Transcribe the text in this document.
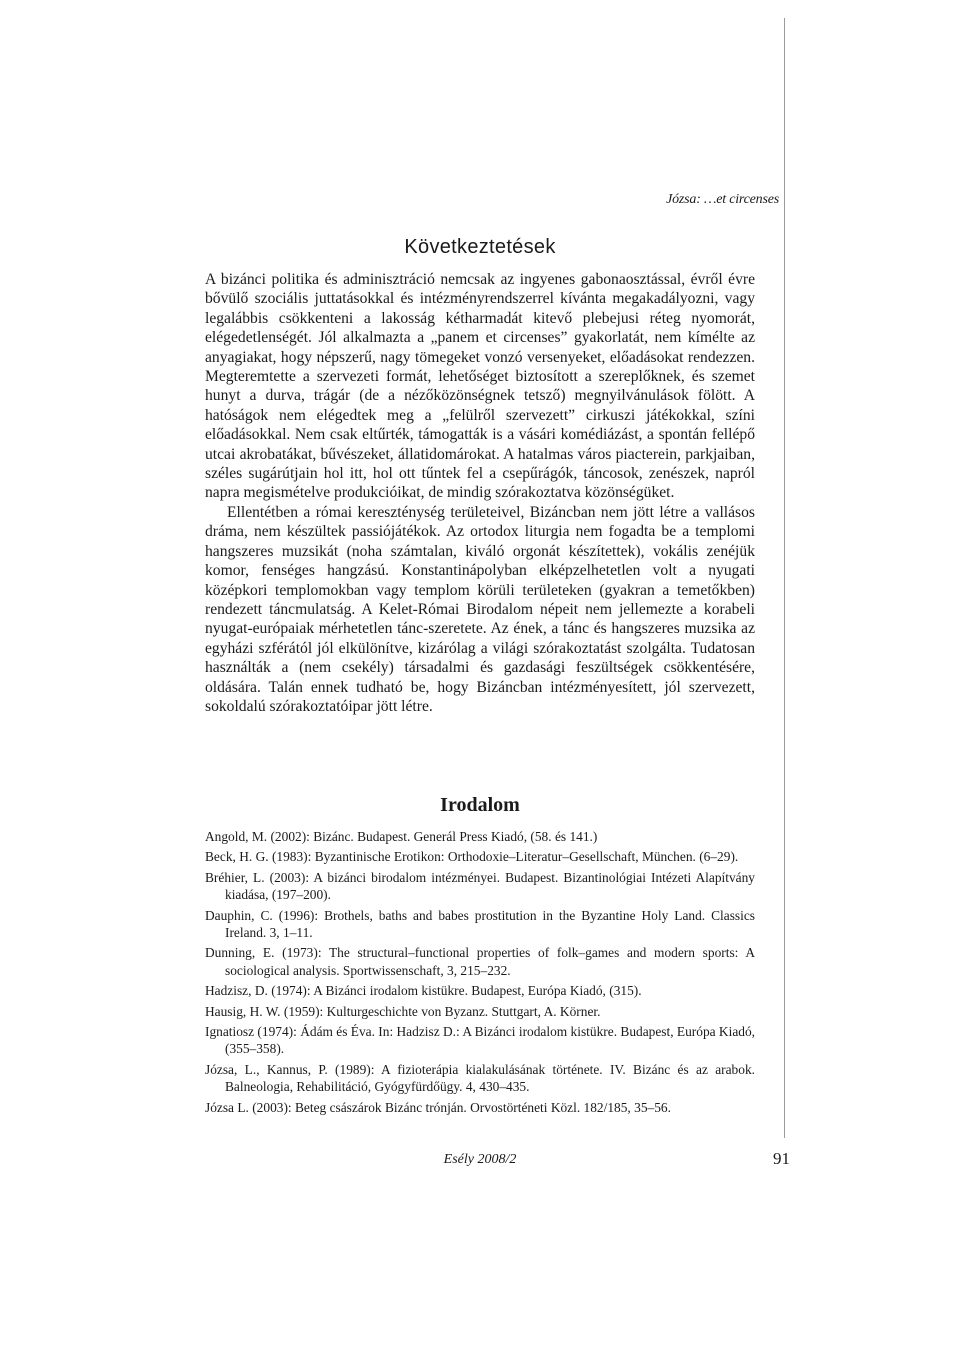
Józsa: …et circenses
Következtetések

A bizánci politika és adminisztráció nemcsak az ingyenes gabonaosztással, évről évre bővülő szociális juttatásokkal és intézményrendszerrel kívánta megakadályozni, vagy legalábbis csökkenteni a lakosság kétharmadát kitevő plebejusi réteg nyomorát, elégedetlenségét. Jól alkalmazta a „panem et circenses” gyakorlatát, nem kímélte az anyagiakat, hogy népszerű, nagy tömegeket vonzó versenyeket, előadásokat rendezzen. Megteremtette a szervezeti formát, lehetőséget biztosított a szereplőknek, és szemet hunyt a durva, trágár (de a nézőközönségnek tetsző) megnyilvánulások fölött. A hatóságok nem elégedtek meg a „felülről szervezett” cirkuszi játékokkal, színi előadásokkal. Nem csak eltűrték, támogatták is a vásári komédiázást, a spontán fellépő utcai akrobatákat, bűvészeket, állatidomárokat. A hatalmas város piacterein, parkjaiban, széles sugárútjain hol itt, hol ott tűntek fel a csepűrágók, táncosok, zenészek, napról napra megismételve produkcióikat, de mindig szórakoztatva közönségüket.

Ellentétben a római kereszténység területeivel, Bizáncban nem jött létre a vallásos dráma, nem készültek passiójátékok. Az ortodox liturgia nem fogadta be a templomi hangszeres muzsikát (noha számtalan, kiváló orgonát készítettek), vokális zenéjük komor, fenséges hangzású. Konstantinápolyban elképzelhetetlen volt a nyugati középkori templomokban vagy templom körüli területeken (gyakran a temetőkben) rendezett táncmulatság. A Kelet-Római Birodalom népeit nem jellemezte a korabeli nyugat-európaiak mérhetetlen tánc-szeretete. Az ének, a tánc és hangszeres muzsika az egyházi szférától jól elkülönítve, kizárólag a világi szórakoztatást szolgálta. Tudatosan használták a (nem csekély) társadalmi és gazdasági feszültségek csökkentésére, oldására. Talán ennek tudható be, hogy Bizáncban intézményesített, jól szervezett, sokoldalú szórakoztatóipar jött létre.

Irodalom

Angold, M. (2002): Bizánc. Budapest. Generál Press Kiadó, (58. és 141.)

Beck, H. G. (1983): Byzantinische Erotikon: Orthodoxie–Literatur–Gesellschaft, München. (6–29).

Bréhier, L. (2003): A bizánci birodalom intézményei. Budapest. Bizantinológiai Intézeti Alapítvány kiadása, (197–200).

Dauphin, C. (1996): Brothels, baths and babes prostitution in the Byzantine Holy Land. Classics Ireland. 3, 1–11.

Dunning, E. (1973): The structural–functional properties of folk–games and modern sports: A sociological analysis. Sportwissenschaft, 3, 215–232.

Hadzisz, D. (1974): A Bizánci irodalom kistükre. Budapest, Európa Kiadó, (315).

Hausig, H. W. (1959): Kulturgeschichte von Byzanz. Stuttgart, A. Körner.

Ignatiosz (1974): Ádám és Éva. In: Hadzisz D.: A Bizánci irodalom kistükre. Budapest, Európa Kiadó, (355–358).

Józsa, L., Kannus, P. (1989): A fizioterápia kialakulásának története. IV. Bizánc és az arabok. Balneologia, Rehabilitáció, Gyógyfürdőügy. 4, 430–435.

Józsa L. (2003): Beteg császárok Bizánc trónján. Orvostörténeti Közl. 182/185, 35–56.

Esély 2008/2	91
